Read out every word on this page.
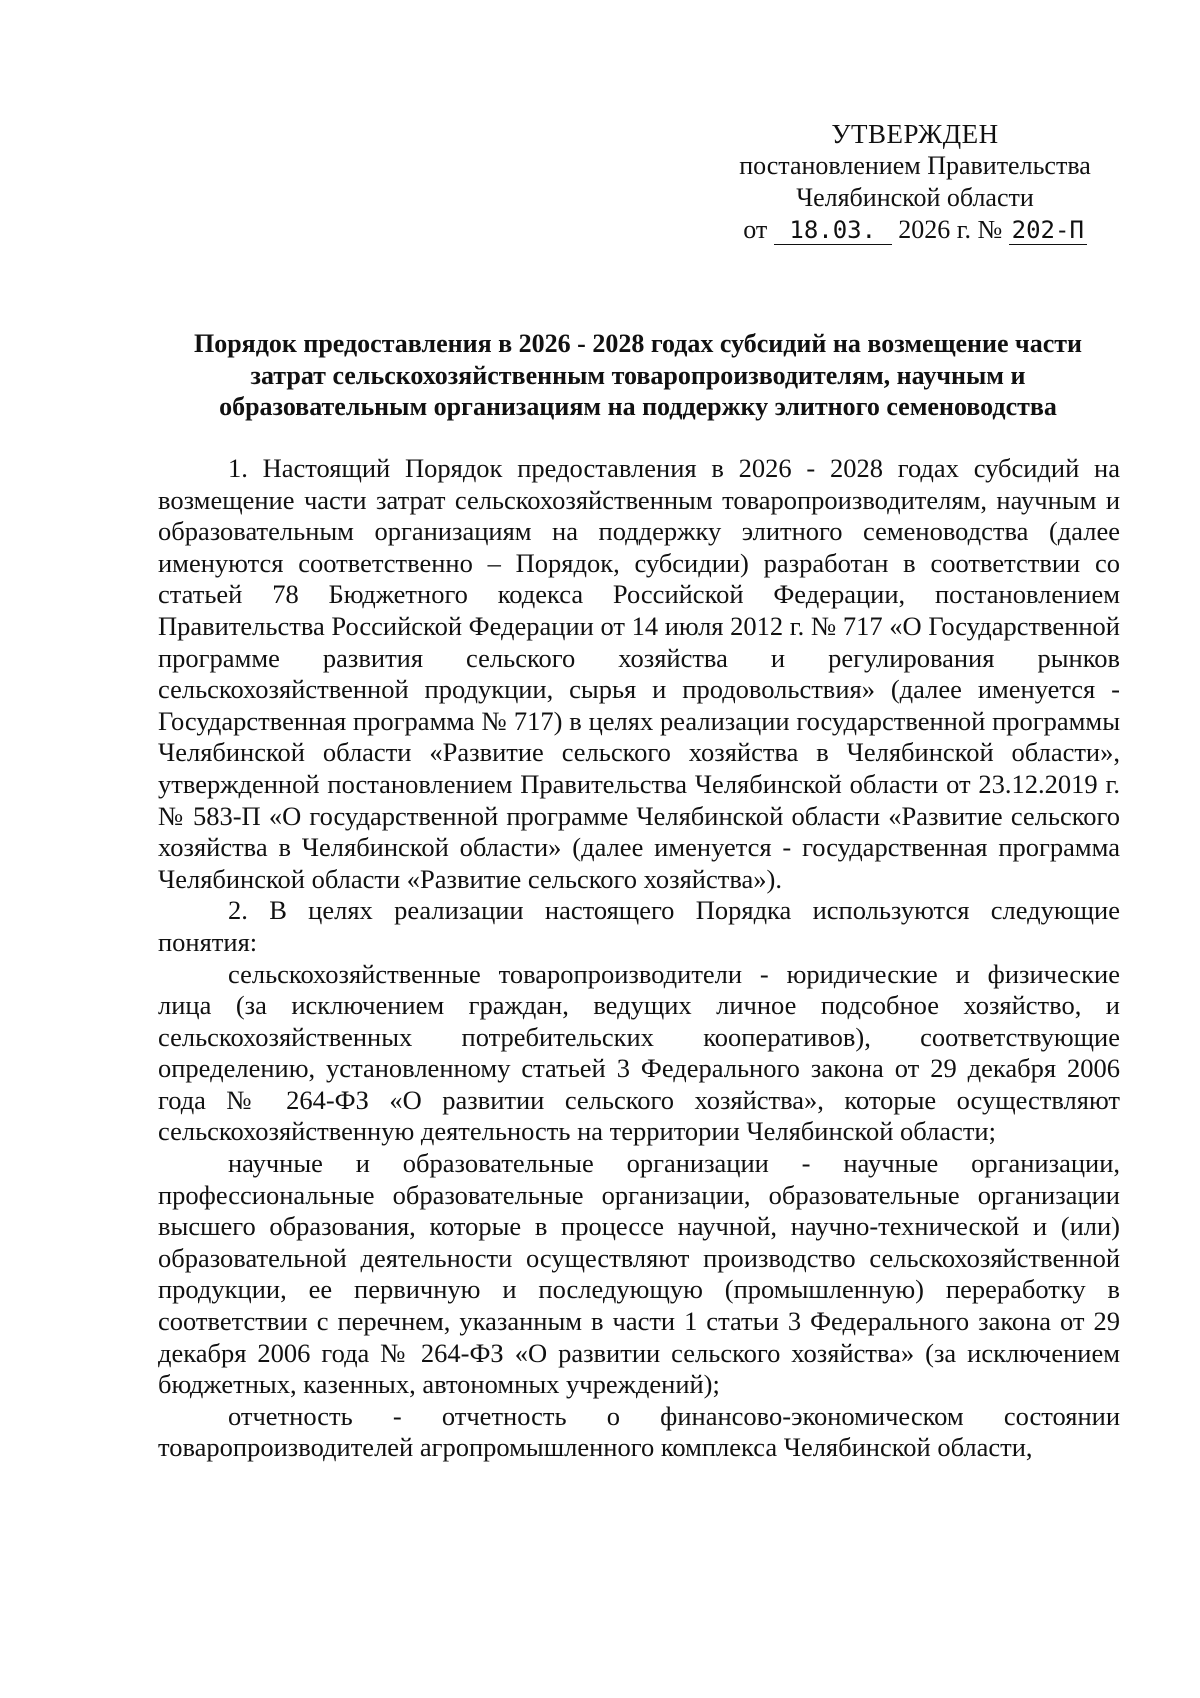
УТВЕРЖДЕН
постановлением Правительства
Челябинской области
от 18.03. 2026 г. № 202-П
Порядок предоставления в 2026 - 2028 годах субсидий на возмещение части
затрат сельскохозяйственным товаропроизводителям, научным и
образовательным организациям на поддержку элитного семеноводства

1. Настоящий Порядок предоставления в 2026 - 2028 годах субсидий на возмещение части затрат сельскохозяйственным товаропроизводителям, научным и образовательным организациям на поддержку элитного семеноводства (далее именуются соответственно – Порядок, субсидии) разработан в соответствии со статьей 78 Бюджетного кодекса Российской Федерации, постановлением Правительства Российской Федерации от 14 июля 2012 г. № 717 «О Государственной программе развития сельского хозяйства и регулирования рынков сельскохозяйственной продукции, сырья и продовольствия» (далее именуется - Государственная программа № 717) в целях реализации государственной программы Челябинской области «Развитие сельского хозяйства в Челябинской области», утвержденной постановлением Правительства Челябинской области от 23.12.2019 г. № 583-П «О государственной программе Челябинской области «Развитие сельского хозяйства в Челябинской области» (далее именуется - государственная программа Челябинской области «Развитие сельского хозяйства»).

2. В целях реализации настоящего Порядка используются следующие понятия:

сельскохозяйственные товаропроизводители - юридические и физические лица (за исключением граждан, ведущих личное подсобное хозяйство, и сельскохозяйственных потребительских кооперативов), соответствующие определению, установленному статьей 3 Федерального закона от 29 декабря 2006 года № 264-ФЗ «О развитии сельского хозяйства», которые осуществляют сельскохозяйственную деятельность на территории Челябинской области;

научные и образовательные организации - научные организации, профессиональные образовательные организации, образовательные организации высшего образования, которые в процессе научной, научно-технической и (или) образовательной деятельности осуществляют производство сельскохозяйственной продукции, ее первичную и последующую (промышленную) переработку в соответствии с перечнем, указанным в части 1 статьи 3 Федерального закона от 29 декабря 2006 года № 264-ФЗ «О развитии сельского хозяйства» (за исключением бюджетных, казенных, автономных учреждений);

отчетность - отчетность о финансово-экономическом состоянии товаропроизводителей агропромышленного комплекса Челябинской области,
